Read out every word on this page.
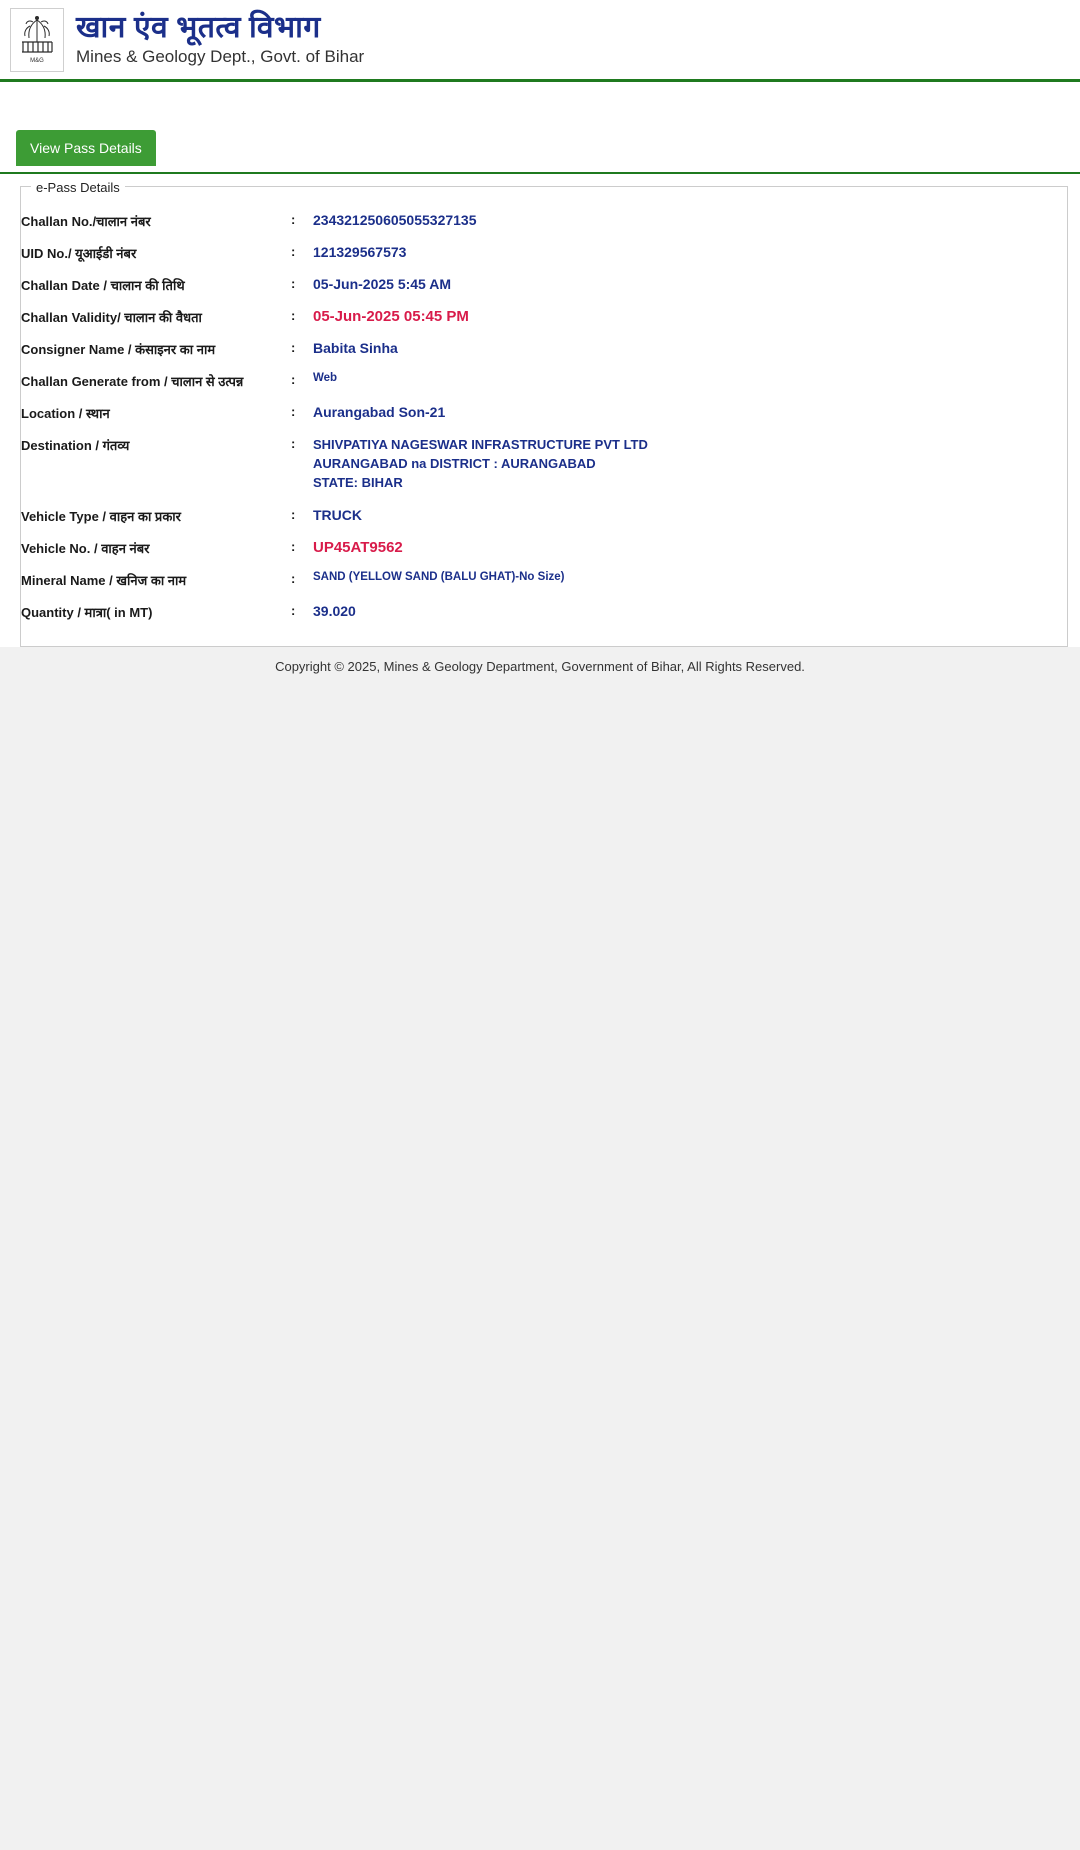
M&G
खान एंव भूतत्व विभाग
Mines & Geology Dept., Govt. of Bihar
View Pass Details
e-Pass Details
Challan No./चालान नंबर	:	234321250605055327135
UID No./ यूआईडी नंबर	:	121329567573
Challan Date / चालान की तिथि	:	05-Jun-2025 5:45 AM
Challan Validity/ चालान की वैधता	:	05-Jun-2025 05:45 PM
Consigner Name / कंसाइनर का नाम	:	Babita Sinha
Challan Generate from / चालान से उत्पन्न	:	Web
Location / स्थान	:	Aurangabad Son-21
Destination / गंतव्य	:	SHIVPATIYA NAGESWAR INFRASTRUCTURE PVT LTD
AURANGABAD na DISTRICT : AURANGABAD
STATE: BIHAR

Vehicle Type / वाहन का प्रकार	:	TRUCK
Vehicle No. / वाहन नंबर	:	UP45AT9562
Mineral Name / खनिज का नाम	:	SAND (YELLOW SAND (BALU GHAT)-No Size)
Quantity / मात्रा( in MT)	:	39.020
Copyright © 2025, Mines & Geology Department, Government of Bihar, All Rights Reserved.
